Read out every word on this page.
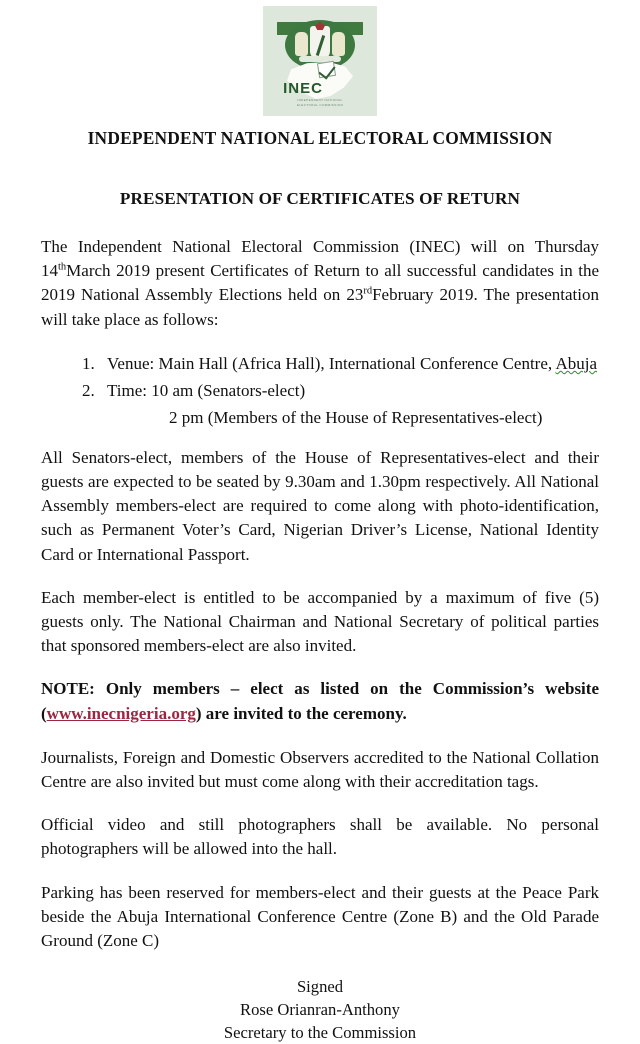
INEC
INDEPENDENT NATIONAL
ELECTORAL COMMISSION
INDEPENDENT NATIONAL ELECTORAL COMMISSION
PRESENTATION OF CERTIFICATES OF RETURN

The Independent National Electoral Commission (INEC) will on Thursday 14thMarch 2019 present Certificates of Return to all successful candidates in the 2019 National Assembly Elections held on 23rdFebruary 2019. The presentation will take place as follows:

1. Venue: Main Hall (Africa Hall), International Conference Centre, Abuja
2. Time: 10 am (Senators-elect)
2 pm (Members of the House of Representatives-elect)

All Senators-elect, members of the House of Representatives-elect and their guests are expected to be seated by 9.30am and 1.30pm respectively. All National Assembly members-elect are required to come along with photo-identification, such as Permanent Voter’s Card, Nigerian Driver’s License, National Identity Card or International Passport.

Each member-elect is entitled to be accompanied by a maximum of five (5) guests only. The National Chairman and National Secretary of political parties that sponsored members-elect are also invited.

NOTE: Only members – elect as listed on the Commission’s website (www.inecnigeria.org) are invited to the ceremony.

Journalists, Foreign and Domestic Observers accredited to the National Collation Centre are also invited but must come along with their accreditation tags.

Official video and still photographers shall be available. No personal photographers will be allowed into the hall.

Parking has been reserved for members-elect and their guests at the Peace Park beside the Abuja International Conference Centre (Zone B) and the Old Parade Ground (Zone C)

Signed
Rose Orianran-Anthony
Secretary to the Commission
